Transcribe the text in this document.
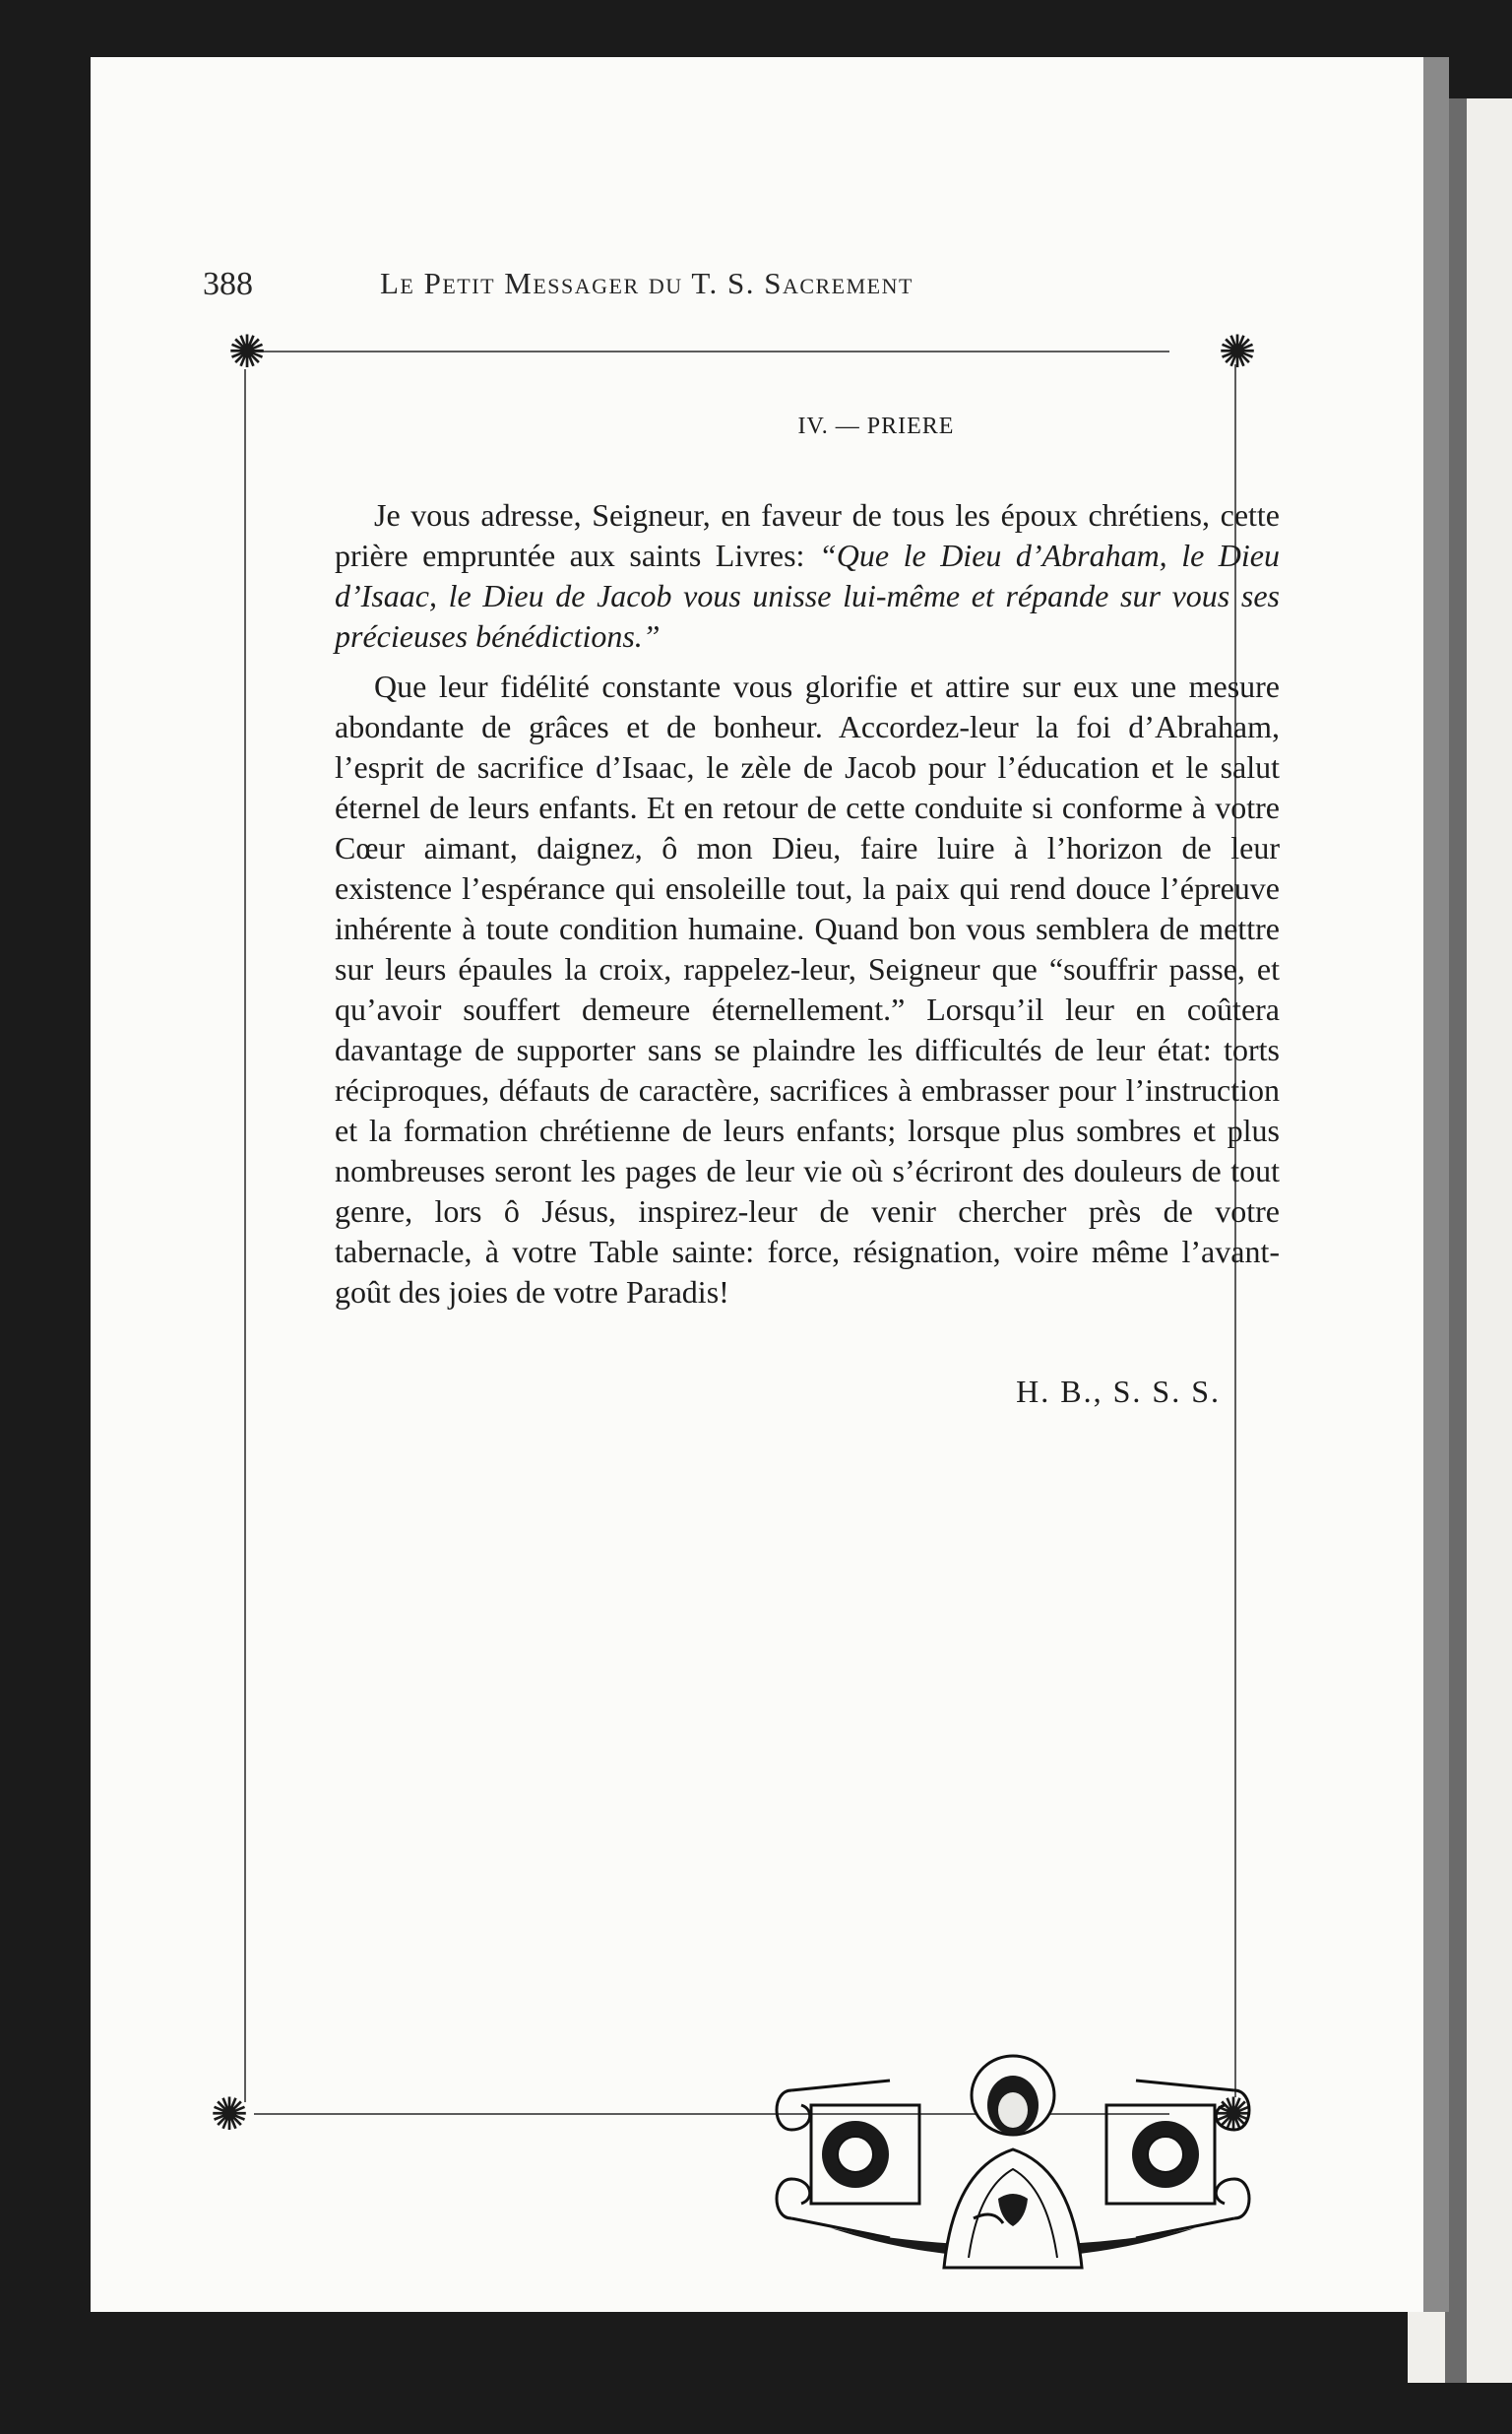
388	Le Petit Messager du T. S. Sacrement
✺	✺
✺	✺
IV. — PRIERE

Je vous adresse, Seigneur, en faveur de tous les époux chrétiens, cette prière empruntée aux saints Livres: “Que le Dieu d’Abraham, le Dieu d’Isaac, le Dieu de Jacob vous unisse lui-même et répande sur vous ses précieuses bénédictions.”

Que leur fidélité constante vous glorifie et attire sur eux une mesure abondante de grâces et de bonheur. Accordez-leur la foi d’Abraham, l’esprit de sacrifice d’Isaac, le zèle de Jacob pour l’éducation et le salut éternel de leurs enfants. Et en retour de cette conduite si conforme à votre Cœur aimant, daignez, ô mon Dieu, faire luire à l’horizon de leur existence l’espérance qui ensoleille tout, la paix qui rend douce l’épreuve inhérente à toute condition humaine. Quand bon vous semblera de mettre sur leurs épaules la croix, rappelez-leur, Seigneur que “souffrir passe, et qu’avoir souffert demeure éternellement.” Lorsqu’il leur en coûtera davantage de supporter sans se plaindre les difficultés de leur état: torts réciproques, défauts de caractère, sacrifices à embrasser pour l’instruction et la formation chrétienne de leurs enfants; lorsque plus sombres et plus nombreuses seront les pages de leur vie où s’écriront des douleurs de tout genre, lors ô Jésus, inspirez-leur de venir chercher près de votre tabernacle, à votre Table sainte: force, résignation, voire même l’avant-goût des joies de votre Paradis!

H. B., S. S. S.
